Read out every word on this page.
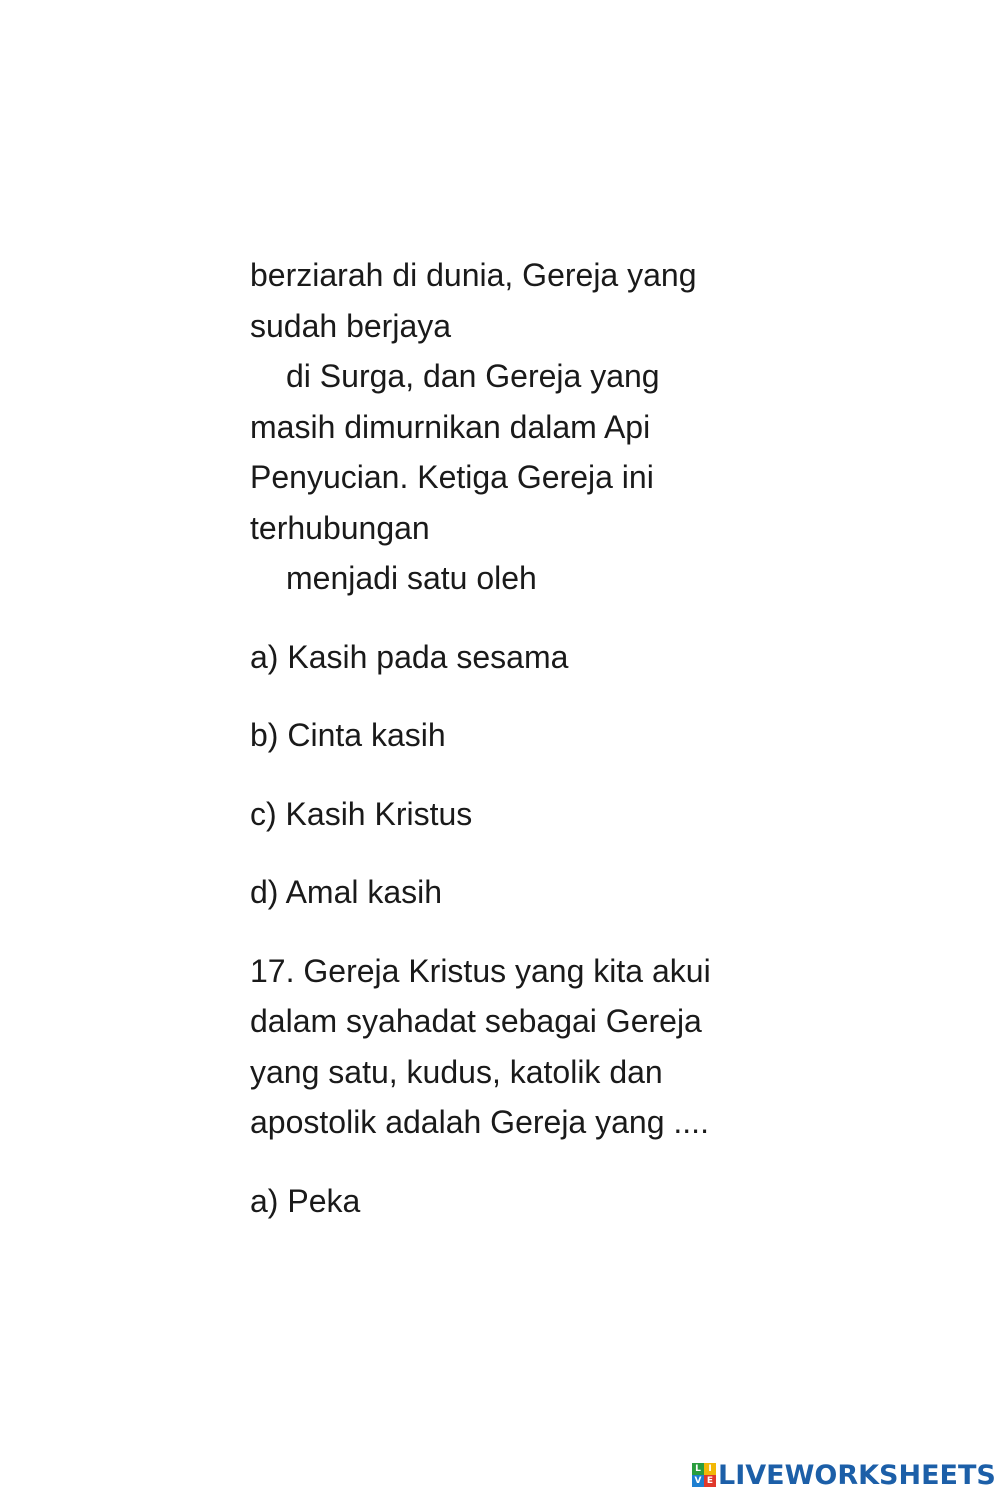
berziarah di dunia, Gereja yang
sudah berjaya
di Surga, dan Gereja yang
masih dimurnikan dalam Api
Penyucian. Ketiga Gereja ini
terhubungan
menjadi satu oleh
a) Kasih pada sesama
b) Cinta kasih
c) Kasih Kristus
d) Amal kasih
17. Gereja Kristus yang kita akui
dalam syahadat sebagai Gereja
yang satu, kudus, katolik dan
apostolik adalah Gereja yang ....
a) Peka
L I
V E LIVEWORKSHEETS
